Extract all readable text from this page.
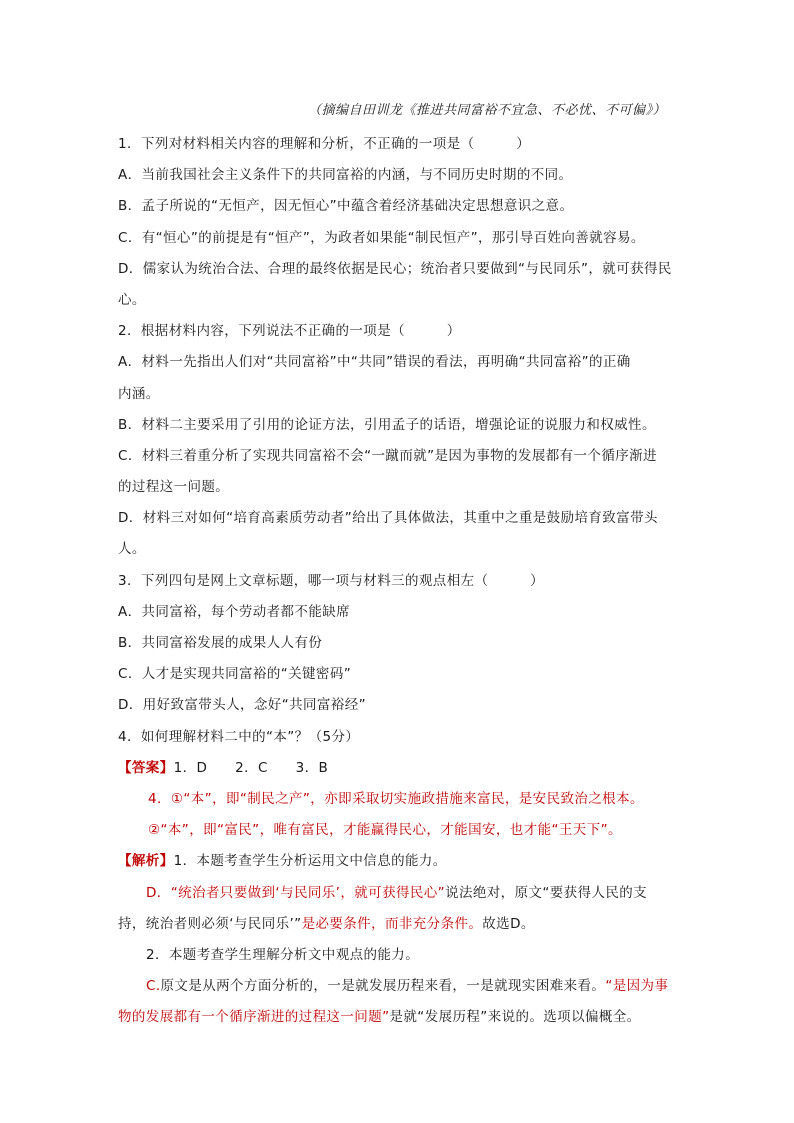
（摘编自田训龙《推进共同富裕不宜急、不必忧、不可偏》）
1．下列对材料相关内容的理解和分析，不正确的一项是（　　　）
A．当前我国社会主义条件下的共同富裕的内涵，与不同历史时期的不同。
B．孟子所说的“无恒产，因无恒心”中蕴含着经济基础决定思想意识之意。
C．有“恒心”的前提是有“恒产”，为政者如果能“制民恒产”，那引导百姓向善就容易。
D．儒家认为统治合法、合理的最终依据是民心；统治者只要做到“与民同乐”，就可获得民
心。
2．根据材料内容，下列说法不正确的一项是（　　　）
A．材料一先指出人们对“共同富裕”中“共同”错误的看法，再明确“共同富裕”的正确
内涵。
B．材料二主要采用了引用的论证方法，引用孟子的话语，增强论证的说服力和权威性。
C．材料三着重分析了实现共同富裕不会“一蹴而就”是因为事物的发展都有一个循序渐进
的过程这一问题。
D．材料三对如何“培育高素质劳动者”给出了具体做法，其重中之重是鼓励培育致富带头
人。
3．下列四句是网上文章标题，哪一项与材料三的观点相左（　　　）
A．共同富裕，每个劳动者都不能缺席
B．共同富裕发展的成果人人有份
C．人才是实现共同富裕的“关键密码”
D．用好致富带头人，念好“共同富裕经”
4．如何理解材料二中的“本”？（5分）
【答案】1．D　　2．C　　3．B
4．①“本”，即“制民之产”，亦即采取切实施政措施来富民，是安民致治之根本。
②“本”，即“富民”，唯有富民，才能赢得民心，才能国安，也才能“王天下”。
【解析】1．本题考查学生分析运用文中信息的能力。
D．“统治者只要做到‘与民同乐’，就可获得民心”说法绝对，原文“要获得人民的支
持，统治者则必须‘与民同乐’”是必要条件，而非充分条件。故选D。
2．本题考查学生理解分析文中观点的能力。
C.原文是从两个方面分析的，一是就发展历程来看，一是就现实困难来看。“是因为事
物的发展都有一个循序渐进的过程这一问题”是就“发展历程”来说的。选项以偏概全。
